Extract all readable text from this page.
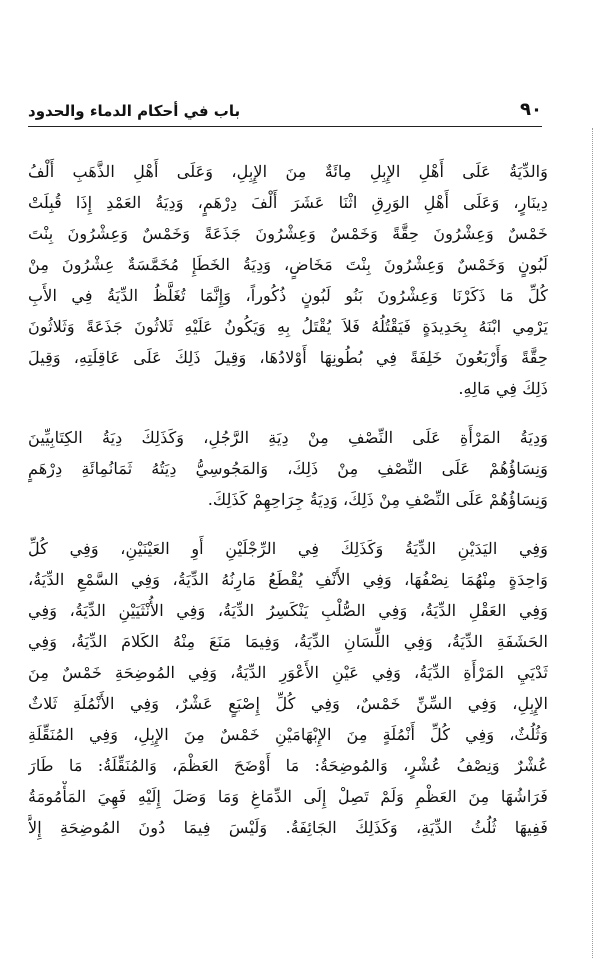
٩٠
باب في أحكام الدماء والحدود
وَالدِّيَةُ عَلَى أَهْلِ الإِبِلِ مِائَةٌ مِنَ الإِبِلِ، وَعَلَى أَهْلِ الذَّهَبِ أَلْفُ
دِينَارٍ، وَعَلَى أَهْلِ الوَرِقِ اثْنَا عَشَرَ أَلْفَ دِرْهَمٍ، وَدِيَةُ العَمْدِ إِذَا قُبِلَتْ
خَمْسٌ وَعِشْرُونَ حِقَّةً وَخَمْسٌ وَعِشْرُونَ جَذَعَةً وَخَمْسٌ وَعِشْرُونَ بِنْتَ
لَبُونٍ وَخَمْسٌ وَعِشْرُونَ بِنْتَ مَخَاضٍ، وَدِيَةُ الخَطَإِ مُخَمَّسَةٌ عِشْرُونَ مِنْ
كُلِّ مَا ذَكَرْنَا وَعِشْرُونَ بَنُو لَبُونٍ ذُكُوراً، وَإِنَّمَا تُغَلَّظُ الدِّيَةُ فِي الأَبِ
يَرْمِي ابْنَهُ بِحَدِيدَةٍ فَيَقْتُلُهُ فَلاَ يُقْتَلُ بِهِ وَيَكُونُ عَلَيْهِ ثَلاثُونَ جَذَعَةً وَثَلاثُونَ
حِقَّةً وَأَرْبَعُونَ خَلِفَةً فِي بُطُونِهَا أَوْلادُهَا، وَقِيلَ ذَلِكَ عَلَى عَاقِلَتِهِ، وَقِيلَ
ذَلِكَ فِي مَالِهِ.
وَدِيَةُ المَرْأَةِ عَلَى النِّصْفِ مِنْ دِيَةِ الرَّجُلِ، وَكَذَلِكَ دِيَةُ الكِتَابِيِّينَ
وَنِسَاؤُهُمْ عَلَى النِّصْفِ مِنْ ذَلِكَ، وَالمَجُوسِيُّ دِيَتُهُ ثَمَانُمِائَةِ دِرْهَمٍ
وَنِسَاؤُهُمْ عَلَى النِّصْفِ مِنْ ذَلِكَ، وَدِيَةُ جِرَاحِهِمْ كَذَلِكَ.
وَفِي اليَدَيْنِ الدِّيَةُ وَكَذَلِكَ فِي الرِّجْلَيْنِ أَوِ العَيْنَيْنِ، وَفِي كُلِّ
وَاحِدَةٍ مِنْهُمَا نِصْفُهَا، وَفِي الأَنْفِ يُقْطَعُ مَارِنُهُ الدِّيَةُ، وَفِي السَّمْعِ الدِّيَةُ،
وَفِي العَقْلِ الدِّيَةُ، وَفِي الصُّلْبِ يَنْكَسِرُ الدِّيَةُ، وَفِي الأُنْثَيَيْنِ الدِّيَةُ، وَفِي
الحَشَفَةِ الدِّيَةُ، وَفِي اللِّسَانِ الدِّيَةُ، وَفِيمَا مَنَعَ مِنْهُ الكَلامَ الدِّيَةُ، وَفِي
ثَدْيَيِ المَرْأَةِ الدِّيَةُ، وَفِي عَيْنِ الأَعْوَرِ الدِّيَةُ، وَفِي المُوضِحَةِ خَمْسٌ مِنَ
الإِبِلِ، وَفِي السِّنِّ خَمْسٌ، وَفِي كُلِّ إِصْبَعٍ عَشْرٌ، وَفِي الأَنْمُلَةِ ثَلاثٌ
وَثُلُثٌ، وَفِي كُلِّ أَنْمُلَةٍ مِنَ الإِبْهَامَيْنِ خَمْسٌ مِنَ الإِبِلِ، وَفِي المُنَقِّلَةِ
عُشْرٌ وَنِصْفُ عُشْرٍ، وَالمُوضِحَةُ: مَا أَوْضَحَ العَظْمَ، وَالمُنَقِّلَةُ: مَا طَارَ
فَرَاشُهَا مِنَ العَظْمِ وَلَمْ تَصِلْ إِلَى الدِّمَاغِ وَمَا وَصَلَ إِلَيْهِ فَهِيَ المَأْمُومَةُ
فَفِيهَا ثُلُثُ الدِّيَةِ، وَكَذَلِكَ الجَائِفَةُ. وَلَيْسَ فِيمَا دُونَ المُوضِحَةِ إِلاَّ
